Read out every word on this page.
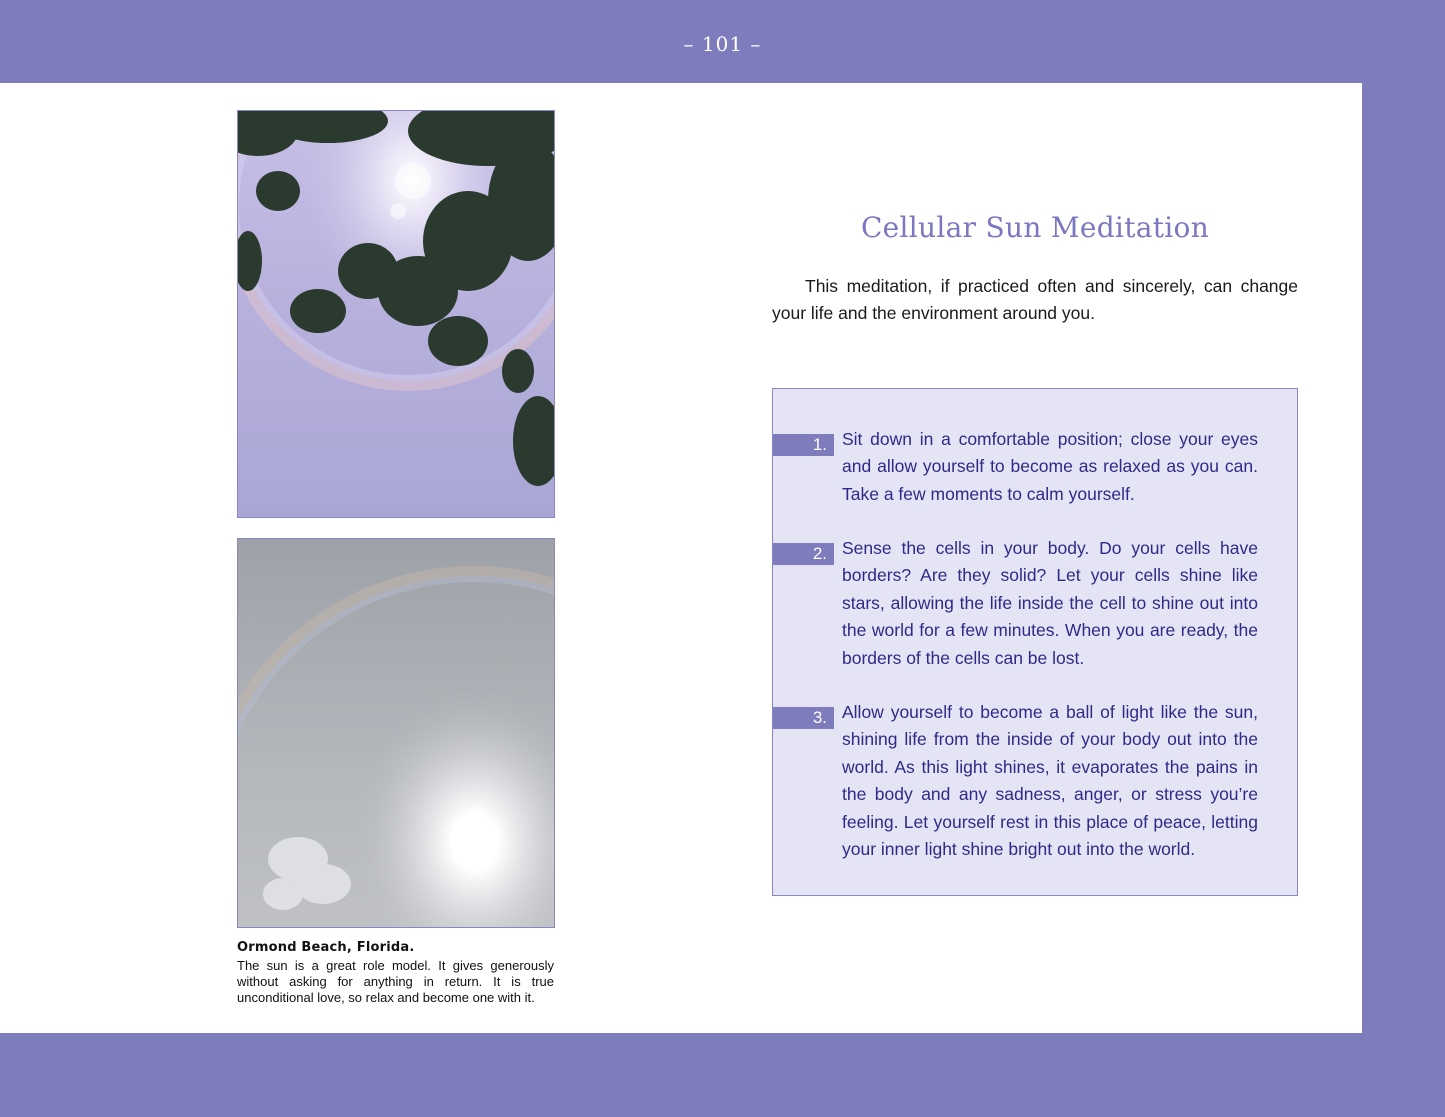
– 101 –
Ormond Beach, Florida.
The sun is a great role model. It gives generously without asking for anything in return. It is true unconditional love, so relax and become one with it.
Cellular Sun Meditation
This meditation, if practiced often and sincerely, can change your life and the environment around you.
1. Sit down in a comfortable position; close your eyes and allow yourself to become as relaxed as you can. Take a few moments to calm yourself.
2. Sense the cells in your body. Do your cells have borders? Are they solid? Let your cells shine like stars, allowing the life inside the cell to shine out into the world for a few minutes. When you are ready, the borders of the cells can be lost.
3. Allow yourself to become a ball of light like the sun, shining life from the inside of your body out into the world. As this light shines, it evaporates the pains in the body and any sadness, anger, or stress you’re feeling. Let yourself rest in this place of peace, letting your inner light shine bright out into the world.
